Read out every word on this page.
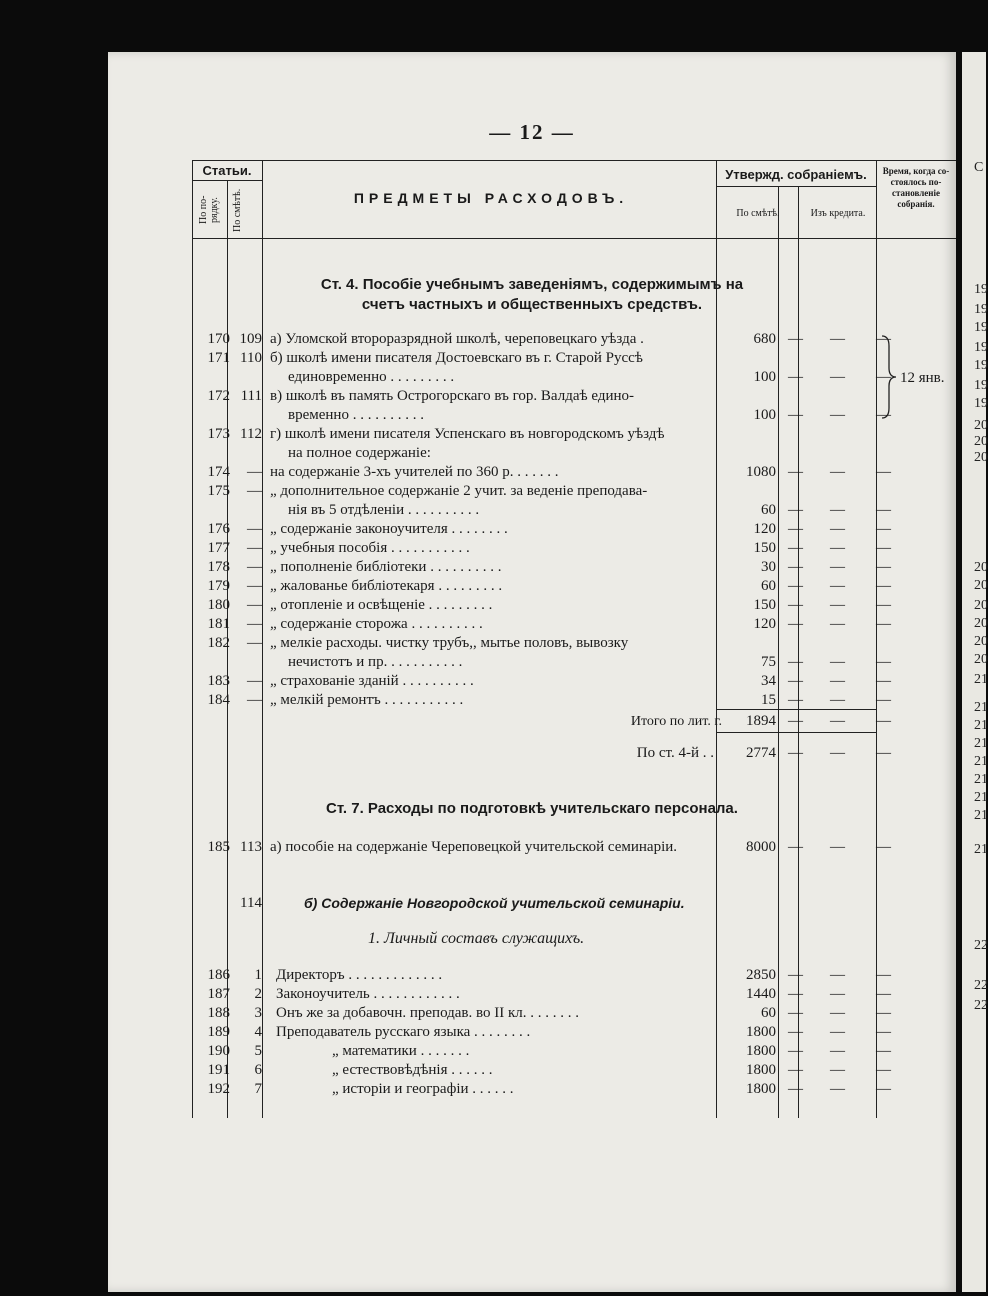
— 12 —
Статьи.
По по-рядку. По смѣтѣ.	ПРЕДМЕТЫ РАСХОДОВЪ.
Утвержд. собраніемъ.
По смѣтѣ.	Изъ кредита.
Время, когда со-стоялось по-становленіе собранія.
Ст. 4. Пособіе учебнымъ заведеніямъ, содержимымъ на
счетъ частныхъ и общественныхъ средствъ.
170 109 а) Уломской второразрядной школѣ, череповецкаго уѣзда .	680 — — —
171 110 б) школѣ имени писателя Достоевскаго въ г. Старой Руссѣ
единовременно . . . . . . . . .	100 — — —
172 111 в) школѣ въ память Острогорскаго въ гор. Валдаѣ едино-
временно . . . . . . . . . .	100 — — —
173 112 г) школѣ имени писателя Успенскаго въ новгородскомъ уѣздѣ
на полное содержаніе:
174	— на содержаніе 3-хъ учителей по 360 р. . . . . . .	1080 — — —
175	— „ дополнительное содержаніе 2 учит. за веденіе преподава-
нія въ 5 отдѣленіи . . . . . . . . . .	60 — — —
176	— „ содержаніе законоучителя . . . . . . . .	120 — — —
177	— „ учебныя пособія . . . . . . . . . . .	150 — — —
178	— „ пополненіе библіотеки . . . . . . . . . .	30 — — —
179	— „ жалованье библіотекаря . . . . . . . . .	60 — — —
180	— „ отопленіе и освѣщеніе . . . . . . . . .	150 — — —
181	— „ содержаніе сторожа . . . . . . . . . .	120 — — —
182	— „ мелкіе расходы. чистку трубъ,, мытье половъ, вывозку
нечистотъ и пр. . . . . . . . . . .	75 — — —
183	— „ страхованіе зданій . . . . . . . . . .	34 — — —
184	— „ мелкій ремонтъ . . . . . . . . . . .	15 — — —
12 янв.
Итого по лит. г.	1894 — — —
По ст. 4-й . .	2774 — — —
Ст. 7. Расходы по подготовкѣ учительскаго персонала.
185 113 а) пособіе на содержаніе Череповецкой учительской семинаріи.	8000 — — —
114	б) Содержаніе Новгородской учительской семинаріи.
1. Личный составъ служащихъ.
186	1 Директоръ . . . . . . . . . . . . .	2850 — — —
187	2 Законоучитель . . . . . . . . . . . .	1440 — — —
188	3 Онъ же за добавочн. преподав. во II кл. . . . . . . .	60 — — —
189	4 Преподаватель русскаго языка . . . . . . . .	1800 — — —
190	5	„ математики . . . . . . .	1800 — — —
191	6	„ естествовѣдѣнія . . . . . .	1800 — — —
192	7	„ исторіи и географіи . . . . . .	1800 — — —
С
19
19
19
19
19
19
19
20
20
20
20
20
20
20
20
20
21
21
21
21
21
21
21
21
21
22
22
22
